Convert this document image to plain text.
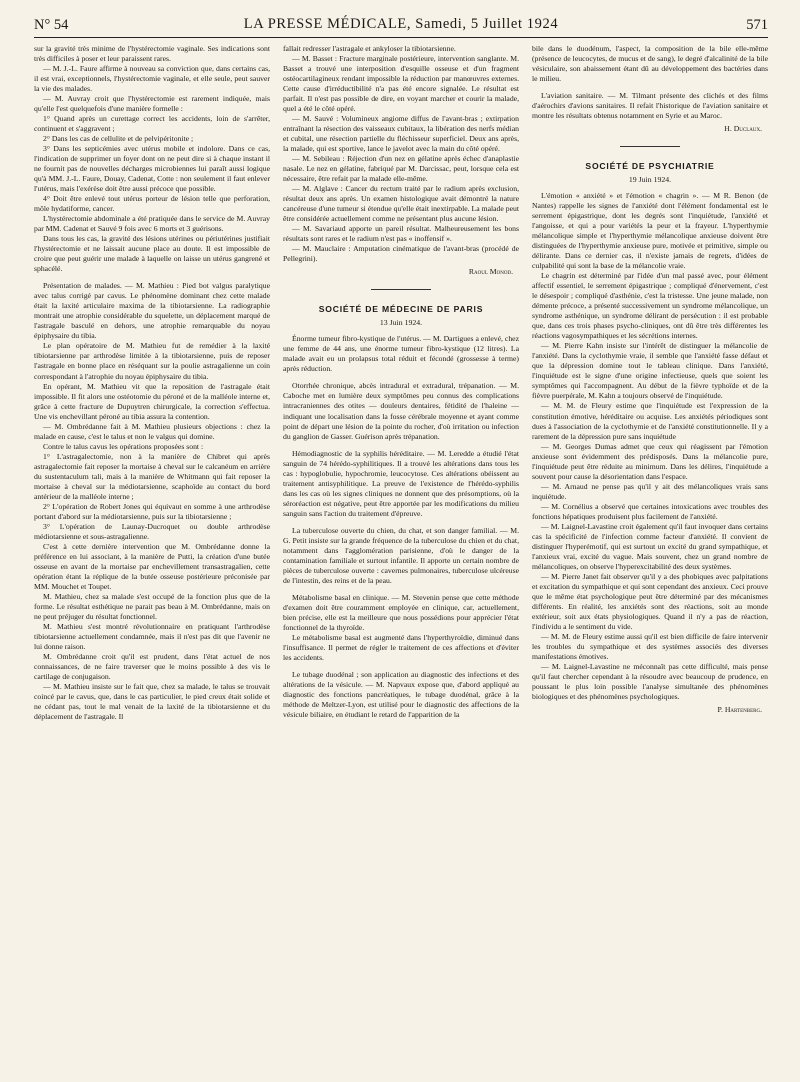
N° 54	LA PRESSE MÉDICALE, Samedi, 5 Juillet 1924	571

sur la gravité très minime de l'hystérectomie vaginale. Ses indications sont très difficiles à poser et leur paraissent rares.

— M. J.-L. Faure affirme à nouveau sa conviction que, dans certains cas, il est vrai, exceptionnels, l'hystérectomie vaginale, et elle seule, peut sauver la vie des malades.

— M. Auvray croit que l'hystérectomie est rarement indiquée, mais qu'elle l'est quelquefois d'une manière formelle :

1° Quand après un curettage correct les accidents, loin de s'arrêter, continuent et s'aggravent ;

2° Dans les cas de cellulite et de pelvipéritonite ;

3° Dans les septicémies avec utérus mobile et indolore. Dans ce cas, l'indication de supprimer un foyer dont on ne peut dire si à chaque instant il ne fournit pas de nouvelles décharges microbiennes lui paraît aussi logique qu'à MM. J.-L. Faure, Douay, Cadenat, Cotte : non seulement il faut enlever l'utérus, mais l'exérèse doit être aussi précoce que possible.

4° Doit être enlevé tout utérus porteur de lésion telle que perforation, môle hydatiforme, cancer.

L'hystérectomie abdominale a été pratiquée dans le service de M. Auvray par MM. Cadenat et Sauvé 9 fois avec 6 morts et 3 guérisons.

Dans tous les cas, la gravité des lésions utérines ou périutérines justifiait l'hystérectomie et ne laissait aucune place au doute. Il est impossible de croire que peut guérir une malade à laquelle on laisse un utérus gangrené et sphacélé.

Présentation de malades. — M. Mathieu : Pied bot valgus paralytique avec talus corrigé par cavus. Le phénomène dominant chez cette malade était la laxité articulaire maxima de la tibiotarsienne. La radiographie montrait une atrophie considérable du squelette, un déplacement marqué de l'astragale basculé en dehors, une atrophie remarquable du noyau épiphysaire du tibia.

Le plan opératoire de M. Mathieu fut de remédier à la laxité tibiotarsienne par arthrodèse limitée à la tibiotarsienne, puis de reposer l'astragale en bonne place en réséquant sur la poulie astragalienne un coin correspondant à l'atrophie du noyau épiphysaire du tibia.

En opérant, M. Mathieu vit que la reposition de l'astragale était impossible. Il fit alors une ostéotomie du péroné et de la malléole interne et, grâce à cette fracture de Dupuytren chirurgicale, la correction s'effectua. Une vis enchevillant péroné au tibia assura la contention.

— M. Ombrédanne fait à M. Mathieu plusieurs objections : chez la malade en cause, c'est le talus et non le valgus qui domine.

Contre le talus cavus les opérations proposées sont :

1° L'astragalectomie, non à la manière de Chibret qui après astragalectomie fait reposer la mortaise à cheval sur le calcanéum en arrière du sustentaculum tali, mais à la manière de Whitmann qui fait reposer la mortaise à cheval sur la médiotarsienne, scaphoïde au contact du bord antérieur de la malléole interne ;

2° L'opération de Robert Jones qui équivaut en somme à une arthrodèse portant d'abord sur la médiotarsienne, puis sur la tibiotarsienne ;

3° L'opération de Launay-Ducroquet ou double arthrodèse médiotarsienne et sous-astragalienne.

C'est à cette dernière intervention que M. Ombrédanne donne la préférence en lui associant, à la manière de Putti, la création d'une butée osseuse en avant de la mortaise par enchevillement transastragalien, cette opération étant la réplique de la butée osseuse postérieure préconisée par MM. Mouchet et Toupet.

M. Mathieu, chez sa malade s'est occupé de la fonction plus que de la forme. Le résultat esthétique ne parait pas beau à M. Ombrédanne, mais on ne peut préjuger du résultat fonctionnel.

M. Mathieu s'est montré révolutionnaire en pratiquant l'arthrodèse tibiotarsienne actuellement condamnée, mais il n'est pas dit que l'avenir ne lui donne raison.

M. Ombrédanne croit qu'il est prudent, dans l'état actuel de nos connaissances, de ne faire traverser que le moins possible à des vis le cartilage de conjugaison.

— M. Mathieu insiste sur le fait que, chez sa malade, le talus se trouvait coincé par le cavus, que, dans le cas particulier, le pied creux était solide et ne cédant pas, tout le mal venait de la laxité de la tibiotarsienne et du déplacement de l'astragale. Il

fallait redresser l'astragale et ankyloser la tibiotarsienne.

— M. Basset : Fracture marginale postérieure, intervention sanglante. M. Basset a trouvé une interposition d'esquille osseuse et d'un fragment ostéocartilagineux rendant impossible la réduction par manœuvres externes. Cette cause d'irréductibilité n'a pas été encore signalée. Le résultat est parfait. Il n'est pas possible de dire, en voyant marcher et courir la malade, quel a été le côté opéré.

— M. Sauvé : Volumineux angiome diffus de l'avant-bras ; extirpation entraînant la résection des vaisseaux cubitaux, la libération des nerfs médian et cubital, une résection partielle du fléchisseur superficiel. Deux ans après, la malade, qui est sportive, lance le javelot avec la main du côté opéré.

— M. Sebileau : Réjection d'un nez en gélatine après échec d'anaplastie nasale. Le nez en gélatine, fabriqué par M. Darcissac, peut, lorsque cela est nécessaire, être refait par la malade elle-même.

— M. Alglave : Cancer du rectum traité par le radium après exclusion, résultat deux ans après. Un examen histologique avait démontré la nature cancéreuse d'une tumeur si étendue qu'elle était inextirpable. La malade peut être considérée actuellement comme ne présentant plus aucune lésion.

— M. Savariaud apporte un pareil résultat. Malheureusement les bons résultats sont rares et le radium n'est pas « inoffensif ».

— M. Mauclaire : Amputation cinématique de l'avant-bras (procédé de Pellegrini).

Raoul Monod.

SOCIÉTÉ DE MÉDECINE DE PARIS

13 Juin 1924.

Énorme tumeur fibro-kystique de l'utérus. — M. Dartigues a enlevé, chez une femme de 44 ans, une énorme tumeur fibro-kystique (12 litres). La malade avait eu un prolapsus total réduit et fécondé (grossesse à terme) après réduction.

Otorrhée chronique, abcès intradural et extradural, trépanation. — M. Caboche met en lumière deux symptômes peu connus des complications intracraniennes des otites — douleurs dentaires, fétidité de l'haleine — indiquant une localisation dans la fosse cérébrale moyenne et ayant comme point de départ une lésion de la pointe du rocher, d'où irritation ou infection du ganglion de Gasser. Guérison après trépanation.

Hémodiagnostic de la syphilis héréditaire. — M. Leredde a étudié l'état sanguin de 74 hérédo-syphilitiques. Il a trouvé les altérations dans tous les cas : hypoglobulie, hypochromie, leucocytose. Ces altérations obéissent au traitement antisyphilitique. La preuve de l'existence de l'hérédo-syphilis dans les cas où les signes cliniques ne donnent que des présomptions, où la séroréaction est négative, peut être apportée par les modifications du milieu sanguin sans l'action du traitement d'épreuve.

La tuberculose ouverte du chien, du chat, et son danger familial. — M. G. Petit insiste sur la grande fréquence de la tuberculose du chien et du chat, notamment dans l'agglomération parisienne, d'où le danger de la contamination familiale et surtout infantile. Il apporte un certain nombre de pièces de tuberculose ouverte : cavernes pulmonaires, tuberculose ulcéreuse de l'intestin, des reins et de la peau.

Métabolisme basal en clinique. — M. Stevenin pense que cette méthode d'examen doit être couramment employée en clinique, car, actuellement, bien précise, elle est la meilleure que nous possédions pour apprécier l'état fonctionnel de la thyroïde.

Le métabolisme basal est augmenté dans l'hyperthyroïdie, diminué dans l'insuffisance. Il permet de régler le traitement de ces affections et d'éviter les accidents.

Le tubage duodénal ; son application au diagnostic des infections et des altérations de la vésicule. — M. Napvaux expose que, d'abord appliqué au diagnostic des fonctions pancréatiques, le tubage duodénal, grâce à la méthode de Meltzer-Lyon, est utilisé pour le diagnostic des affections de la vésicule biliaire, en étudiant le retard de l'apparition de la

bile dans le duodénum, l'aspect, la composition de la bile elle-même (présence de leucocytes, de mucus et de sang), le degré d'alcalinité de la bile vésiculaire, son abaissement étant dû au développement des bactéries dans le milieu.

L'aviation sanitaire. — M. Tilmant présente des clichés et des films d'aérochirs d'avions sanitaires. Il refait l'historique de l'aviation sanitaire et montre les résultats obtenus notamment en Syrie et au Maroc.

H. Duclaux.

SOCIÉTÉ DE PSYCHIATRIE

19 Juin 1924.

L'émotion « anxiété » et l'émotion « chagrin ». — M R. Benon (de Nantes) rappelle les signes de l'anxiété dont l'élément fondamental est le serrement épigastrique, dont les degrés sont l'inquiétude, l'anxiété et l'angoisse, et qui a pour variétés la peur et la frayeur. L'hyperthymie mélancolique simple et l'hyperthymie mélancolique anxieuse doivent être distinguées de l'hyperthymie anxieuse pure, motivée et primitive, simple ou délirante. Dans ce dernier cas, il n'existe jamais de regrets, d'idées de culpabilité qui sont la base de la mélancolie vraie.

Le chagrin est déterminé par l'idée d'un mal passé avec, pour élément affectif essentiel, le serrement épigastrique ; compliqué d'énervement, c'est le désespoir ; compliqué d'asthénie, c'est la tristesse. Une jeune malade, non démente précoce, a présenté successivement un syndrome mélancolique, un syndrome asthénique, un syndrome délirant de persécution : il est probable que, dans ces trois phases psycho-cliniques, ont dû être très différentes les réactions vagosympathiques et les sécrétions internes.

— M. Pierre Kahn insiste sur l'intérêt de distinguer la mélancolie de l'anxiété. Dans la cyclothymie vraie, il semble que l'anxiété fasse défaut et que la dépression domine tout le tableau clinique. Dans l'anxiété, l'inquiétude est le signe d'une origine infectieuse, quels que soient les symptômes qui l'accompagnent. Au début de la fièvre typhoïde et de la fièvre puerpérale, M. Kahn a toujours observé de l'inquiétude.

— M. M. de Fleury estime que l'inquiétude est l'expression de la constitution émotive, héréditaire ou acquise. Les anxiétés périodiques sont dues à l'association de la cyclothymie et de l'anxiété constitutionnelle. Il y a rarement de la dépression pure sans inquiétude

— M. Georges Dumas admet que ceux qui réagissent par l'émotion anxieuse sont évidemment des prédisposés. Dans la mélancolie pure, l'inquiétude peut être réduite au minimum. Dans les délires, l'inquiétude a souvent pour cause la désorientation dans l'espace.

— M. Arnaud ne pense pas qu'il y ait des mélancoliques vrais sans inquiétude.

— M. Cornélius a observé que certaines intoxications avec troubles des fonctions hépatiques produisent plus facilement de l'anxiété.

— M. Laignel-Lavastine croit également qu'il faut invoquer dans certains cas la spécificité de l'infection comme facteur d'anxiété. Il convient de distinguer l'hyperémotif, qui est surtout un excité du grand sympathique, et l'anxieux vrai, excité du vague. Mais souvent, chez un grand nombre de mélancoliques, on observe l'hyperexcitabilité des deux systèmes.

— M. Pierre Janet fait observer qu'il y a des phobiques avec palpitations et excitation du sympathique et qui sont cependant des anxieux. Ceci prouve que le même état psychologique peut être déterminé par des mécanismes différents. En réalité, les anxiétés sont des réactions, soit au monde extérieur, soit aux états physiologiques. Quand il n'y a pas de réaction, l'individu a le sentiment du vide.

— M. M. de Fleury estime aussi qu'il est bien difficile de faire intervenir les troubles du sympathique et des systèmes associés des diverses manifestations émotives.

— M. Laignel-Lavastine ne méconnaît pas cette difficulté, mais pense qu'il faut chercher cependant à la résoudre avec beaucoup de prudence, en poussant le plus loin possible l'analyse simultanée des phénomènes biologiques et des phénomènes psychologiques.

P. Hartenberg.
